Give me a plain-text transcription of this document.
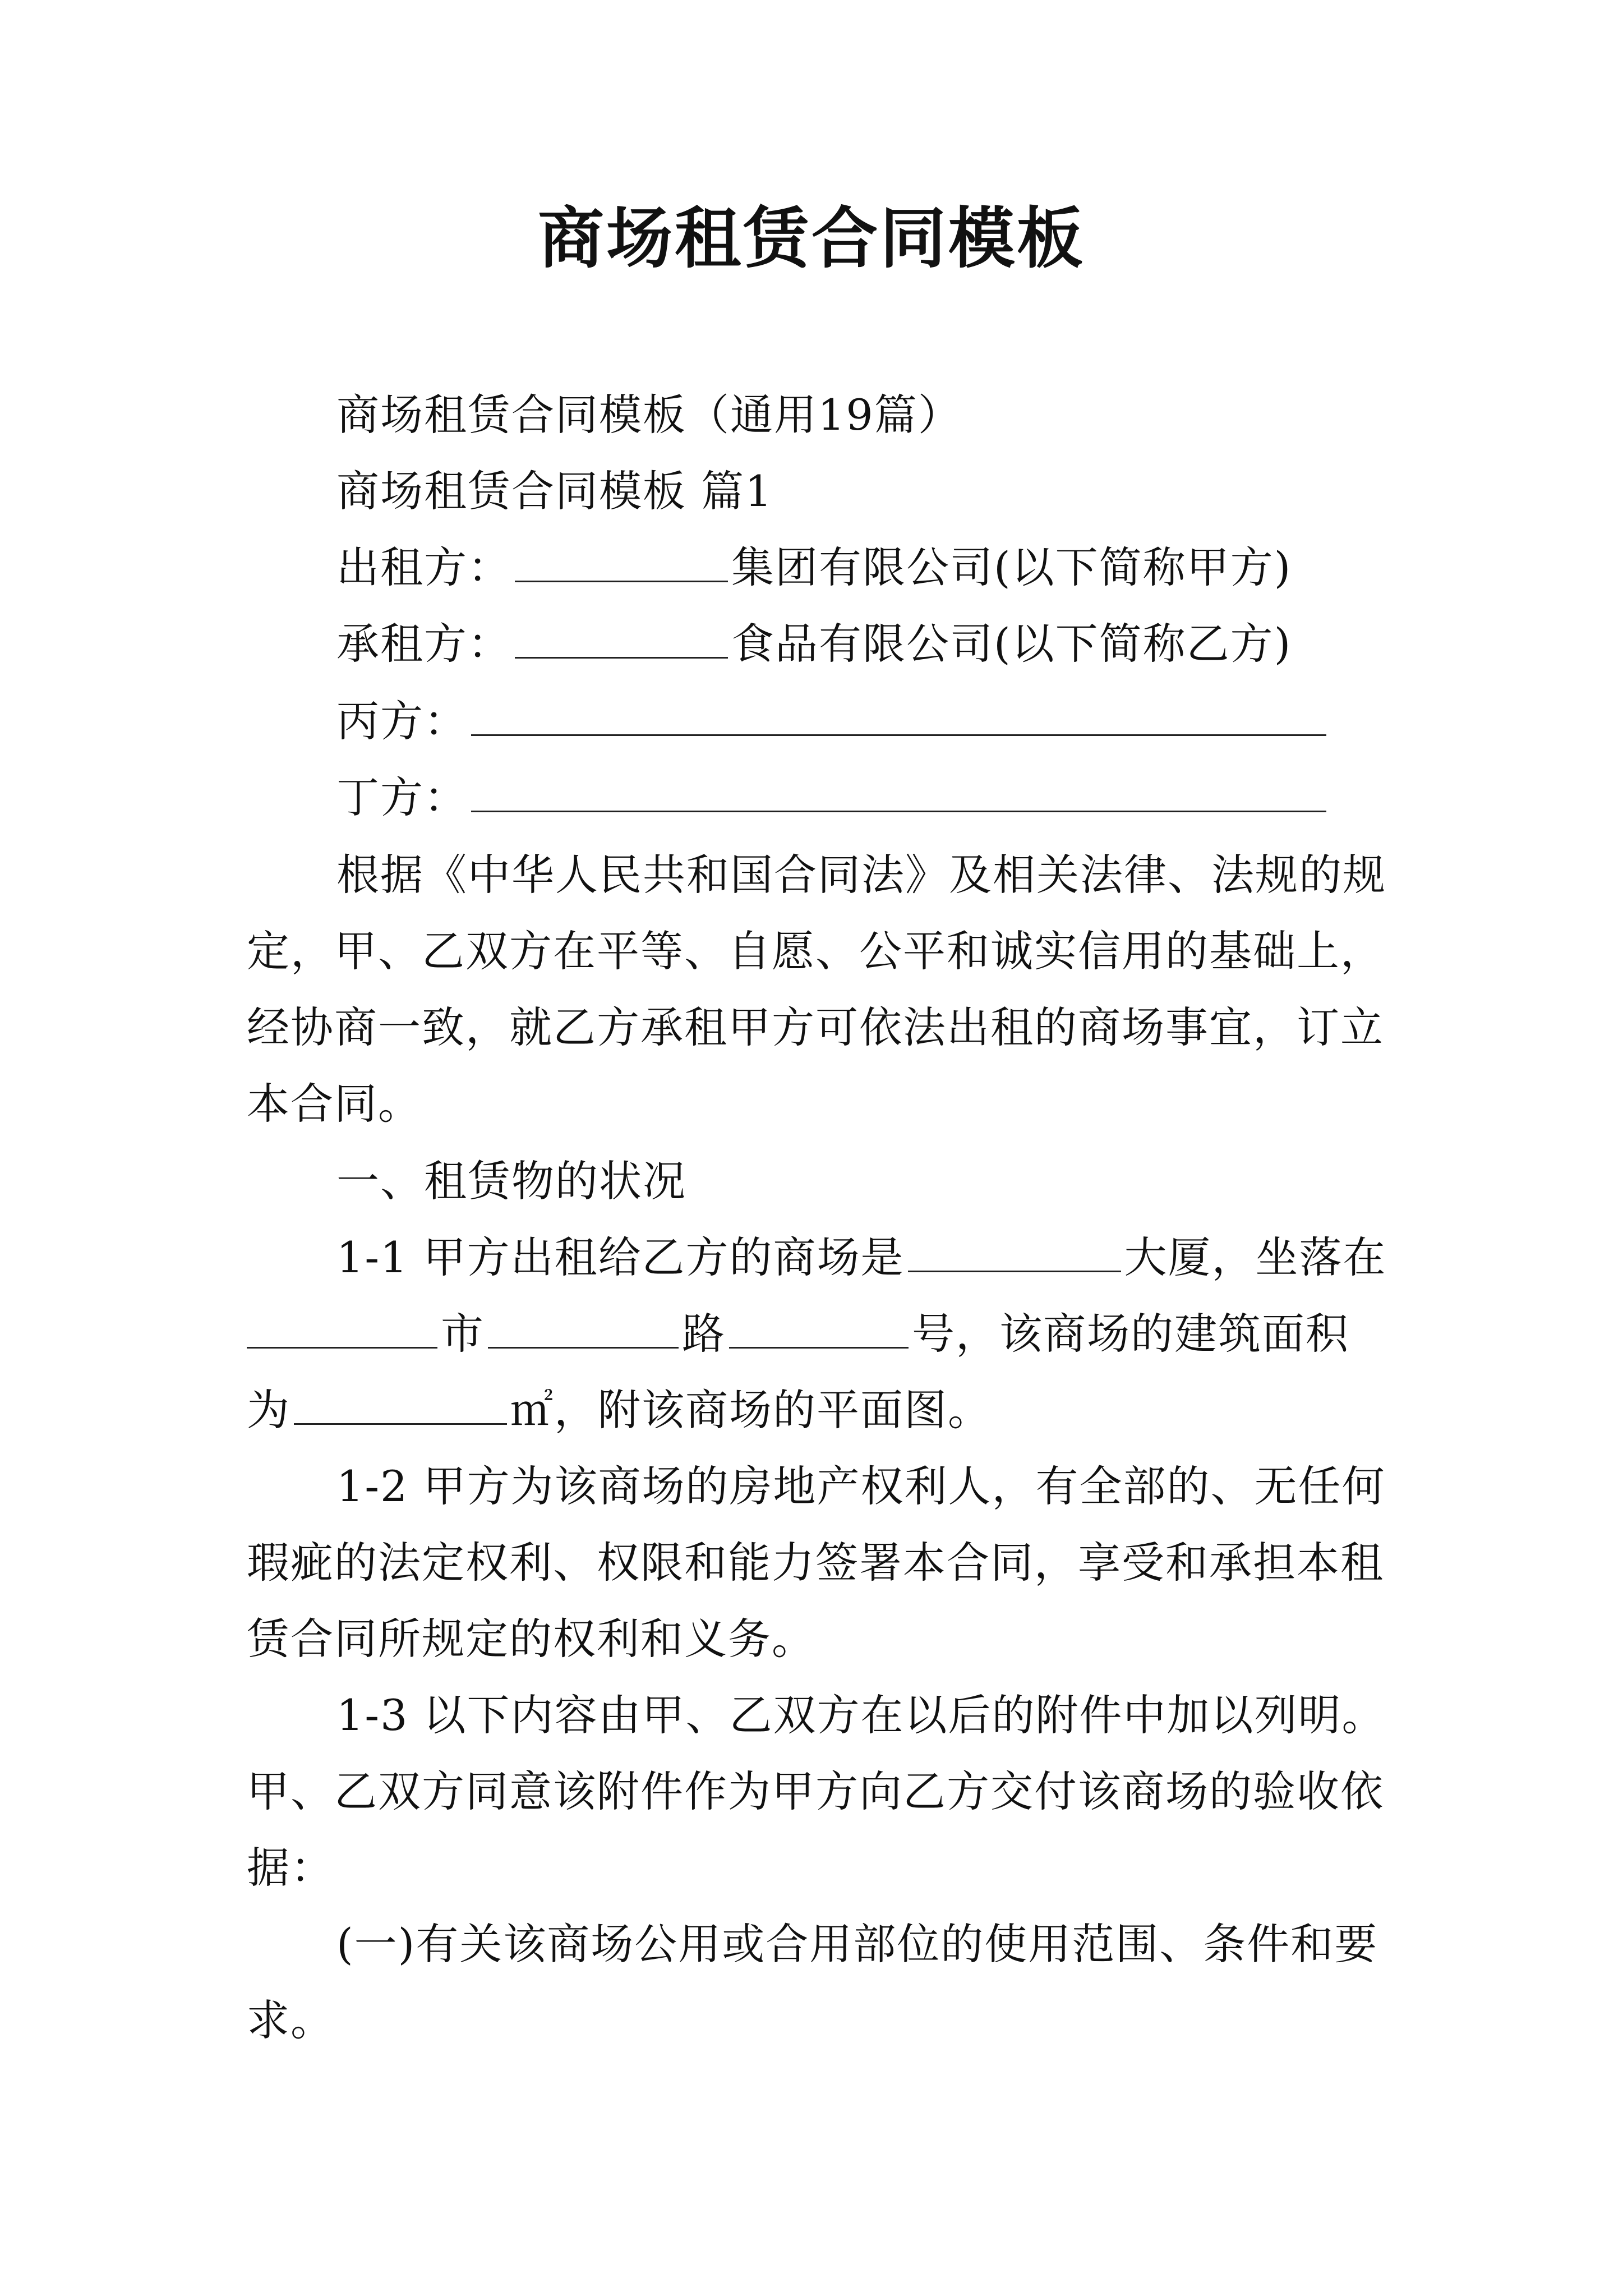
商场租赁合同模板
商场租赁合同模板（通用19篇）
商场租赁合同模板 篇1
出租方：	集团有限公司(以下简称甲方)
承租方：	食品有限公司(以下简称乙方)
丙方：
丁方：
根据《中华人民共和国合同法》及相关法律、法规的规
定，甲、乙双方在平等、自愿、公平和诚实信用的基础上，
经协商一致，就乙方承租甲方可依法出租的商场事宜，订立
本合同。
一、租赁物的状况
1-1 甲方出租给乙方的商场是	大厦，坐落在
市	路	号，该商场的建筑面积
为	㎡，附该商场的平面图。
1-2 甲方为该商场的房地产权利人，有全部的、无任何
瑕疵的法定权利、权限和能力签署本合同，享受和承担本租
赁合同所规定的权利和义务。
1-3 以下内容由甲、乙双方在以后的附件中加以列明。
甲、乙双方同意该附件作为甲方向乙方交付该商场的验收依
据：
(一)有关该商场公用或合用部位的使用范围、条件和要
求。
